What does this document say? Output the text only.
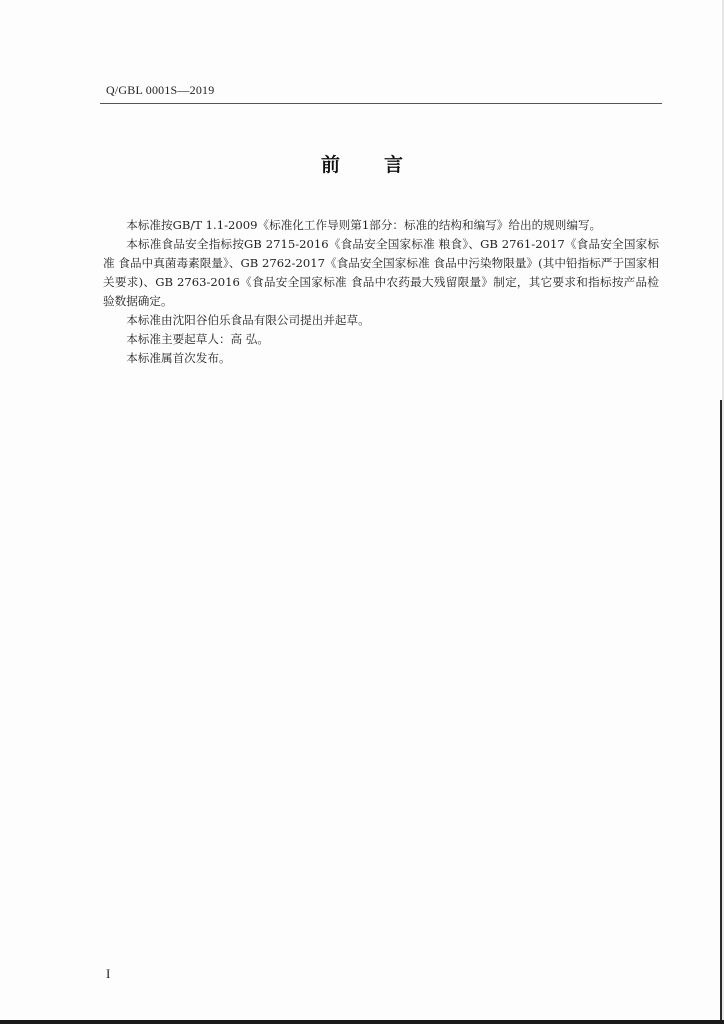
Q/GBL 0001S—2019
前言

本标准按GB/T 1.1-2009《标准化工作导则第1部分：标准的结构和编写》给出的规则编写。

本标准食品安全指标按GB 2715-2016《食品安全国家标准 粮食》、GB 2761-2017《食品安全国家标准 食品中真菌毒素限量》、GB 2762-2017《食品安全国家标准 食品中污染物限量》(其中铅指标严于国家相关要求)、GB 2763-2016《食品安全国家标准 食品中农药最大残留限量》制定，其它要求和指标按产品检验数据确定。

本标准由沈阳谷伯乐食品有限公司提出并起草。

本标准主要起草人：高 弘。

本标准属首次发布。

I
